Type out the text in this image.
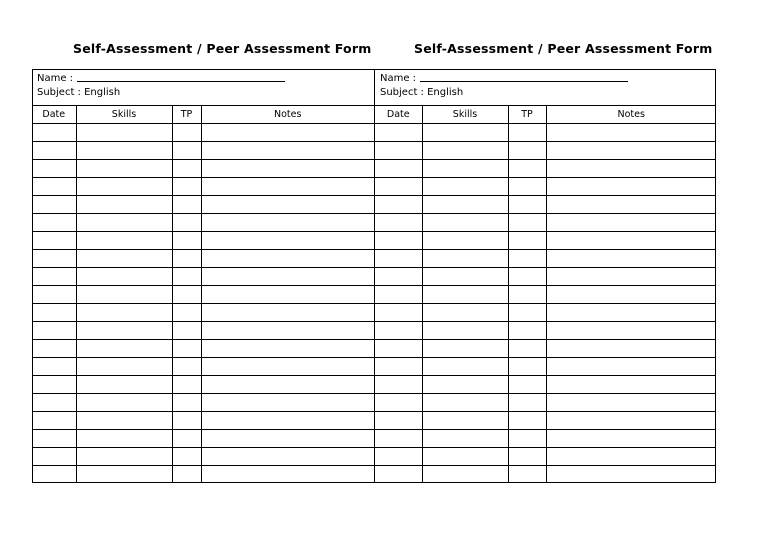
Self-Assessment / Peer Assessment Form	Self-Assessment / Peer Assessment Form
Name :
Subject : English
Date	Skills	TP	Notes

Name :
Subject : English
Date	Skills	TP	Notes
